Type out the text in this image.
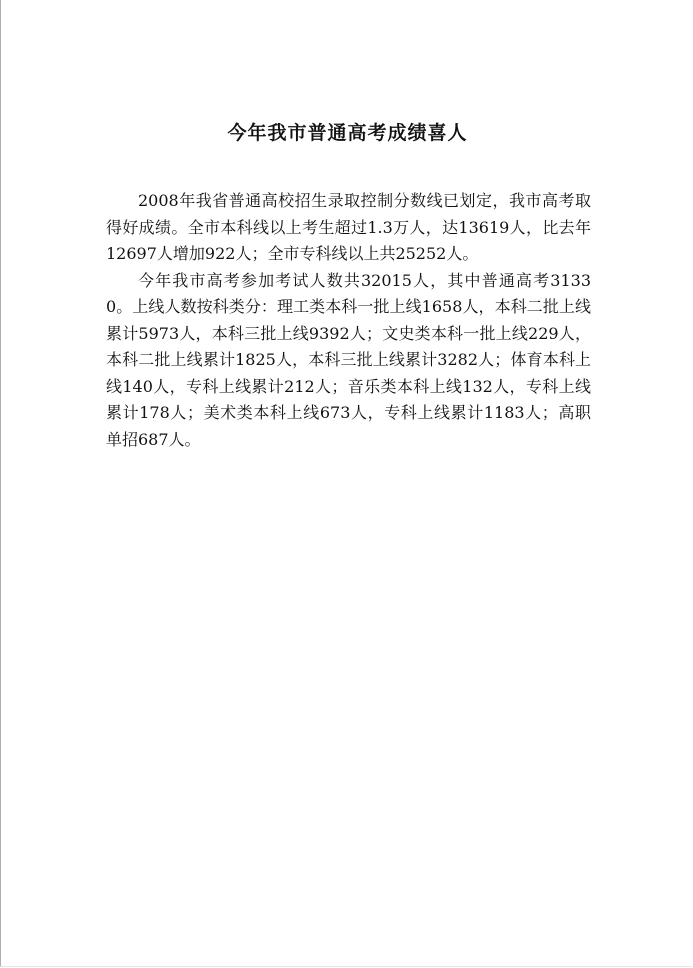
今年我市普通高考成绩喜人

2008年我省普通高校招生录取控制分数线已划定，我市高考取得好成绩。全市本科线以上考生超过1.3万人，达13619人，比去年12697人增加922人；全市专科线以上共25252人。

今年我市高考参加考试人数共32015人，其中普通高考31330。上线人数按科类分：理工类本科一批上线1658人，本科二批上线累计5973人，本科三批上线9392人；文史类本科一批上线229人，本科二批上线累计1825人，本科三批上线累计3282人；体育本科上线140人，专科上线累计212人；音乐类本科上线132人，专科上线累计178人；美术类本科上线673人，专科上线累计1183人；高职单招687人。
